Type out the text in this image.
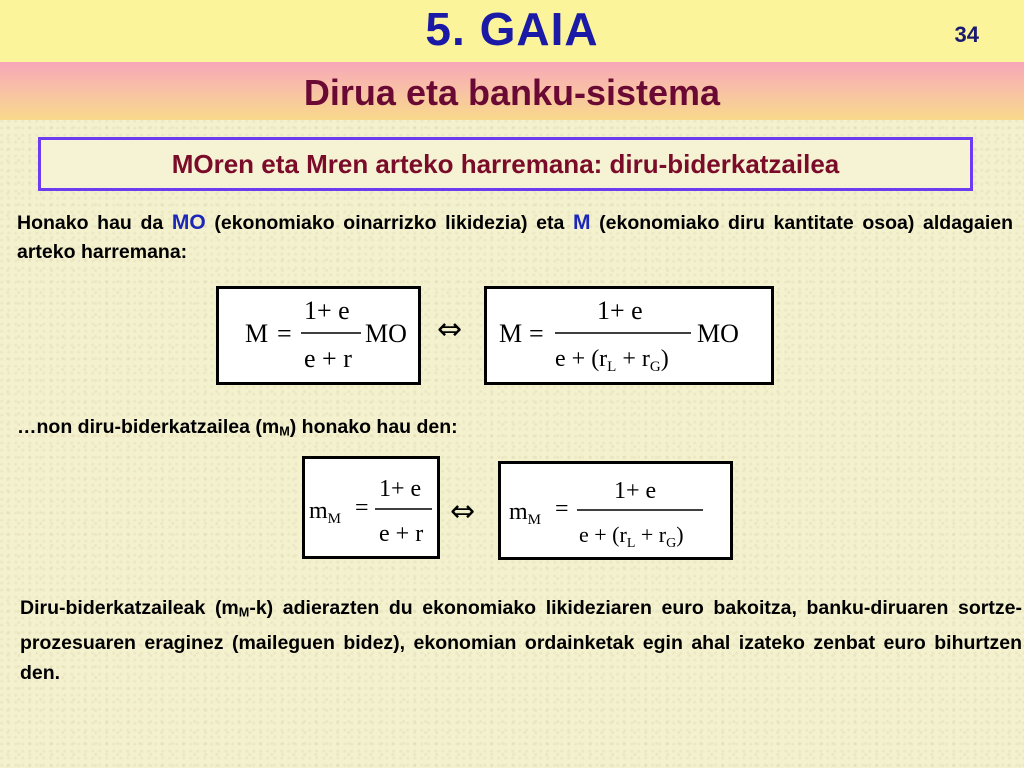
5. GAIA	34
Dirua eta banku-sistema
MOren eta Mren arteko harremana: diru-biderkatzailea
Honako hau da MO (ekonomiako oinarrizko likidezia) eta M (ekonomiako diru kantitate osoa) aldagaien arteko harremana:
M =
1+ e
e + r
MO ⇔ M =
1+ e
$e + (r_L + r_G)$
MO
…non diru-biderkatzailea $(m_M)$ honako hau den:
$m_M$ =
1+ e
e + r
⇔ $m_M$ =
1+ e
$e + (r_L + r_G)$
Diru-biderkatzaileak $(m_M-k)$ adierazten du ekonomiako likideziaren euro bakoitza, banku-diruaren sortze-prozesuaren eraginez (maileguen bidez), ekonomian ordainketak egin ahal izateko zenbat euro bihurtzen den.
